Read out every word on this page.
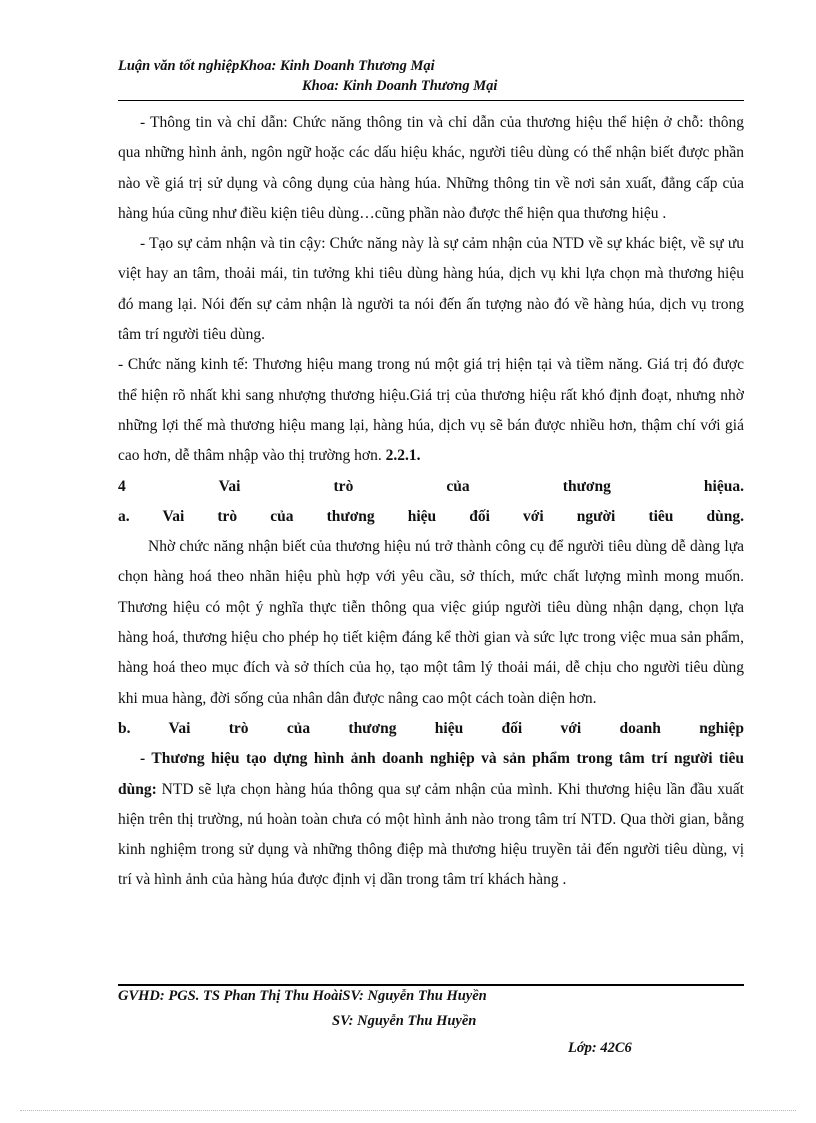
Luận văn tốt nghiệpKhoa: Kinh Doanh Thương Mại
Khoa: Kinh Doanh Thương Mại

- Thông tin và chỉ dẫn: Chức năng thông tin và chỉ dẫn của thương hiệu thể hiện ở chỗ: thông qua những hình ảnh, ngôn ngữ hoặc các dấu hiệu khác, người tiêu dùng có thể nhận biết được phần nào về giá trị sử dụng và công dụng của hàng húa. Những thông tin về nơi sản xuất, đẳng cấp của hàng húa cũng như điều kiện tiêu dùng…cũng phần nào được thể hiện qua thương hiệu .

- Tạo sự cảm nhận và tin cậy: Chức năng này là sự cảm nhận của NTD về sự khác biệt, về sự ưu việt hay an tâm, thoải mái, tin tưởng khi tiêu dùng hàng húa, dịch vụ khi lựa chọn mà thương hiệu đó mang lại. Nói đến sự cảm nhận là người ta nói đến ấn tượng nào đó về hàng húa, dịch vụ trong tâm trí người tiêu dùng.

- Chức năng kinh tế: Thương hiệu mang trong nú một giá trị hiện tại và tiềm năng. Giá trị đó được thể hiện rõ nhất khi sang nhượng thương hiệu.Giá trị của thương hiệu rất khó định đoạt, nhưng nhờ những lợi thế mà thương hiệu mang lại, hàng húa, dịch vụ sẽ bán được nhiều hơn, thậm chí với giá cao hơn, dễ thâm nhập vào thị trường hơn. 2.2.1.

4 Vai trò của thương hiệua.

a. Vai trò của thương hiệu đối với người tiêu dùng.

Nhờ chức năng nhận biết của thương hiệu nú trở thành công cụ để người tiêu dùng dễ dàng lựa chọn hàng hoá theo nhãn hiệu phù hợp với yêu cầu, sở thích, mức chất lượng mình mong muốn. Thương hiệu có một ý nghĩa thực tiễn thông qua việc giúp người tiêu dùng nhận dạng, chọn lựa hàng hoá, thương hiệu cho phép họ tiết kiệm đáng kể thời gian và sức lực trong việc mua sản phẩm, hàng hoá theo mục đích và sở thích của họ, tạo một tâm lý thoải mái, dễ chịu cho người tiêu dùng khi mua hàng, đời sống của nhân dân được nâng cao một cách toàn diện hơn.

b. Vai trò của thương hiệu đối với doanh nghiệp

- Thương hiệu tạo dựng hình ảnh doanh nghiệp và sản phẩm trong tâm trí người tiêu dùng: NTD sẽ lựa chọn hàng húa thông qua sự cảm nhận của mình. Khi thương hiệu lần đầu xuất hiện trên thị trường, nú hoàn toàn chưa có một hình ảnh nào trong tâm trí NTD. Qua thời gian, bằng kinh nghiệm trong sử dụng và những thông điệp mà thương hiệu truyền tải đến người tiêu dùng, vị trí và hình ảnh của hàng húa được định vị dần trong tâm trí khách hàng .

GVHD: PGS. TS Phan Thị Thu HoàiSV: Nguyễn Thu Huyền
SV: Nguyễn Thu Huyền
Lớp: 42C6
